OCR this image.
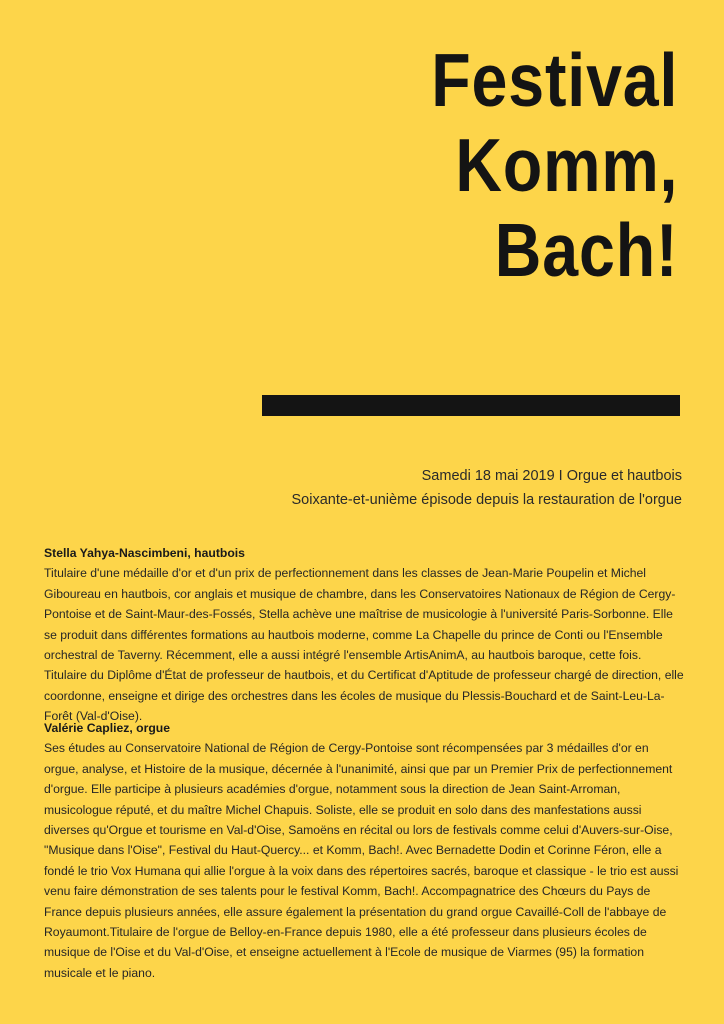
Festival
Komm,
Bach!
Samedi 18 mai 2019 I Orgue et hautbois
Soixante-et-unième épisode depuis la restauration de l'orgue
Stella Yahya-Nascimbeni, hautbois

Titulaire d'une médaille d'or et d'un prix de perfectionnement dans les classes de Jean-Marie Poupelin et Michel Giboureau en hautbois, cor anglais et musique de chambre, dans les Conservatoires Nationaux de Région de Cergy-Pontoise et de Saint-Maur-des-Fossés, Stella achève une maîtrise de musicologie à l'université Paris-Sorbonne. Elle se produit dans différentes formations au hautbois moderne, comme La Chapelle du prince de Conti ou l'Ensemble orchestral de Taverny. Récemment, elle a aussi intégré l'ensemble ArtisAnimA, au hautbois baroque, cette fois. Titulaire du Diplôme d'État de professeur de hautbois, et du Certificat d'Aptitude de professeur chargé de direction, elle coordonne, enseigne et dirige des orchestres dans les écoles de musique du Plessis-Bouchard et de Saint-Leu-La-Forêt (Val-d'Oise).

Valérie Capliez, orgue

Ses études au Conservatoire National de Région de Cergy-Pontoise sont récompensées par 3 médailles d'or en orgue, analyse, et Histoire de la musique, décernée à l'unanimité, ainsi que par un Premier Prix de perfectionnement d'orgue. Elle participe à plusieurs académies d'orgue, notamment sous la direction de Jean Saint-Arroman, musicologue réputé, et du maître Michel Chapuis. Soliste, elle se produit en solo dans des manfestations aussi diverses qu'Orgue et tourisme en Val-d'Oise, Samoëns en récital ou lors de festivals comme celui d'Auvers-sur-Oise, "Musique dans l'Oise", Festival du Haut-Quercy... et Komm, Bach!. Avec Bernadette Dodin et Corinne Féron, elle a fondé le trio Vox Humana qui allie l'orgue à la voix dans des répertoires sacrés, baroque et classique - le trio est aussi venu faire démonstration de ses talents pour le festival Komm, Bach!. Accompagnatrice des Chœurs du Pays de France depuis plusieurs années, elle assure également la présentation du grand orgue Cavaillé-Coll de l'abbaye de Royaumont.Titulaire de l'orgue de Belloy-en-France depuis 1980, elle a été professeur dans plusieurs écoles de musique de l'Oise et du Val-d'Oise, et enseigne actuellement à l'Ecole de musique de Viarmes (95) la formation musicale et le piano.
